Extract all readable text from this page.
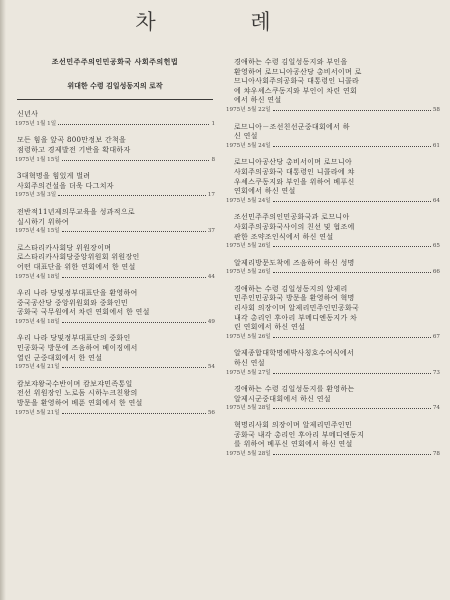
차 례
조선민주주의인민공화국 사회주의헌법
위대한 수령 김일성동지의 로작
신년사
1975년 1월 1일	1
모든 힘을 앞곡 800만정보 간척을
점령하고 경제발전 기반을 확대하자
1975년 1월 15일	8
3대혁명을 힘있게 벌려
사회주의건설을 더욱 다그치자
1975년 3월 3일	17
전반적11년제의무교육을 성과적으로
실시하기 위하여
1975년 4월 15일	37
로스타리카사회당 위원장이며
로스타리카사회당중앙위원회 위원장인
어떤 대표단을 위한 연회에서 한 연설
1975년 4월 18일	44
우리 나라 당및정부대표단을 환영하여
중국공산당 중앙위원회와 중화인민
공화국 국무원에서 차린 연회에서 한 연설
1975년 4월 18일	49
우리 나라 당및정부대표단의 중화인
민공화국 방문에 즈음하여 베이징에서
열린 군중대회에서 한 연설
1975년 4월 21일	54
캄보쟈왕국수반이며 캄보쟈민족통일
전선 위원장인 노로돔 시하누크친왕의
방문을 환영하여 베푼 연회에서 한 연설
1975년 5월 21일	56
경애하는 수령 김일성동지와 부인을
환영하여 로므니아공산당 총비서이며 로
므니아사회주의공화국 대통령인 니콜라
에 챠우셰스쿠동지와 부인이 차린 연회
에서 하신 연설
1975년 5월 22일	58
로므니아－조선친선군중대회에서 하
신 연설
1975년 5월 24일	61
로므니아공산당 총비서이며 로므니아
사회주의공화국 대통령인 니콜라에 챠
우셰스쿠동지와 부인을 위하여 베푸신
연회에서 하신 연설
1975년 5월 24일	64
조선민주주의인민공화국과 로므니아
사회주의공화국사이의 친선 및 협조에
관한 조약조인식에서 하신 연설
1975년 5월 26일	65
알제리방문도착에 즈음하여 하신 성명
1975년 5월 26일	66
경애하는 수령 김일성동지의 알제리
민주인민공화국 방문을 환영하여 혁명
리사회 의장이며 알제리민주인민공화국
내각 총리인 후아리 부메디엔동지가 차
린 연회에서 하신 연설
1975년 5월 26일	67
알제종합대학명예박사칭호수여식에서
하신 연설
1975년 5월 27일	73
경애하는 수령 김일성동지를 환영하는
알제시군중대회에서 하신 연설
1975년 5월 28일	74
혁명리사회 의장이며 알제리민주인민
공화국 내각 총리인 후아리 부메디엔동지
를 위하여 베푸신 연회에서 하신 연설
1975년 5월 28일	78
